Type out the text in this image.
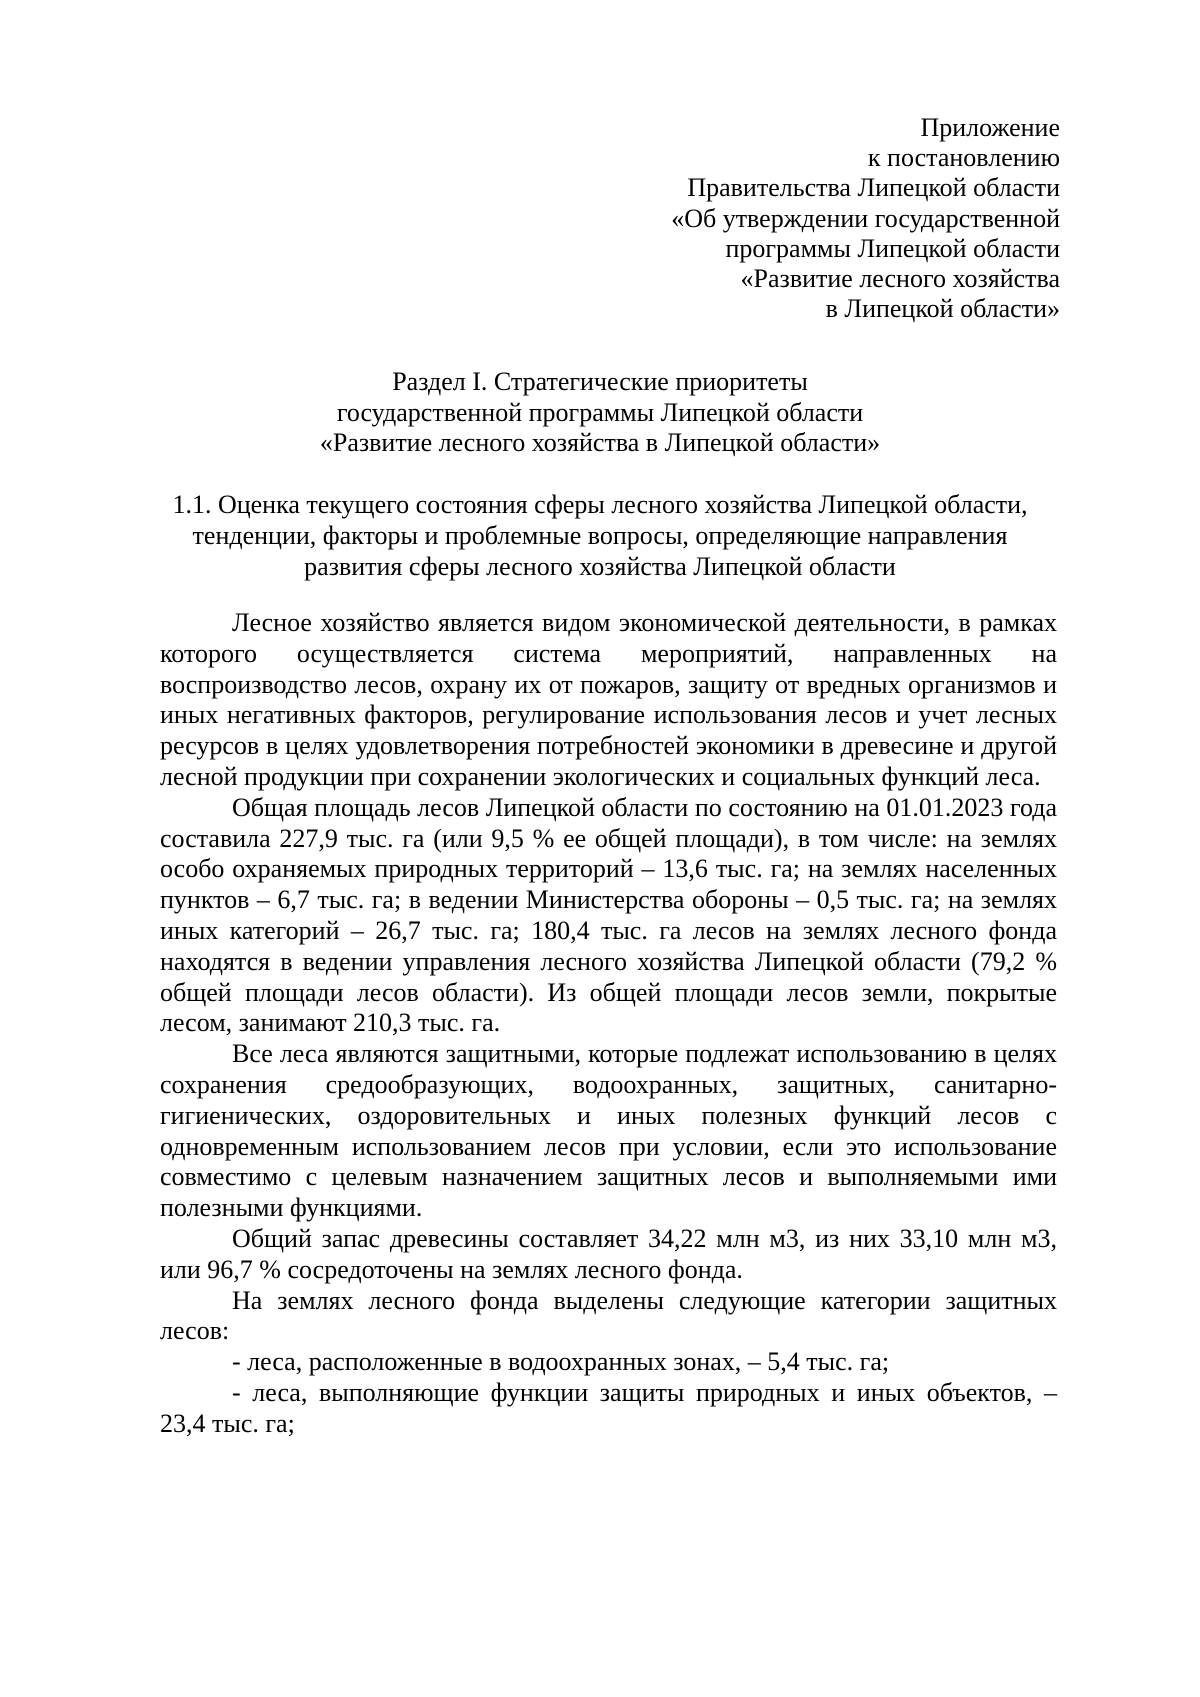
Приложение
к постановлению
Правительства Липецкой области
«Об утверждении государственной
программы Липецкой области
«Развитие лесного хозяйства
в Липецкой области»
Раздел I. Стратегические приоритеты
государственной программы Липецкой области
«Развитие лесного хозяйства в Липецкой области»
1.1. Оценка текущего состояния сферы лесного хозяйства Липецкой области,
тенденции, факторы и проблемные вопросы, определяющие направления
развития сферы лесного хозяйства Липецкой области

Лесное хозяйство является видом экономической деятельности, в рамках которого осуществляется система мероприятий, направленных на воспроизводство лесов, охрану их от пожаров, защиту от вредных организмов и иных негативных факторов, регулирование использования лесов и учет лесных ресурсов в целях удовлетворения потребностей экономики в древесине и другой лесной продукции при сохранении экологических и социальных функций леса.

Общая площадь лесов Липецкой области по состоянию на 01.01.2023 года составила 227,9 тыс. га (или 9,5 % ее общей площади), в том числе: на землях особо охраняемых природных территорий – 13,6 тыс. га; на землях населенных пунктов – 6,7 тыс. га; в ведении Министерства обороны – 0,5 тыс. га; на землях иных категорий – 26,7 тыс. га; 180,4 тыс. га лесов на землях лесного фонда находятся в ведении управления лесного хозяйства Липецкой области (79,2 % общей площади лесов области). Из общей площади лесов земли, покрытые лесом, занимают 210,3 тыс. га.

Все леса являются защитными, которые подлежат использованию в целях сохранения средообразующих, водоохранных, защитных, санитарно-гигиенических, оздоровительных и иных полезных функций лесов с одновременным использованием лесов при условии, если это использование совместимо с целевым назначением защитных лесов и выполняемыми ими полезными функциями.

Общий запас древесины составляет 34,22 млн м3, из них 33,10 млн м3, или 96,7 % сосредоточены на землях лесного фонда.

На землях лесного фонда выделены следующие категории защитных лесов:

- леса, расположенные в водоохранных зонах, – 5,4 тыс. га;

- леса, выполняющие функции защиты природных и иных объектов, – 23,4 тыс. га;
